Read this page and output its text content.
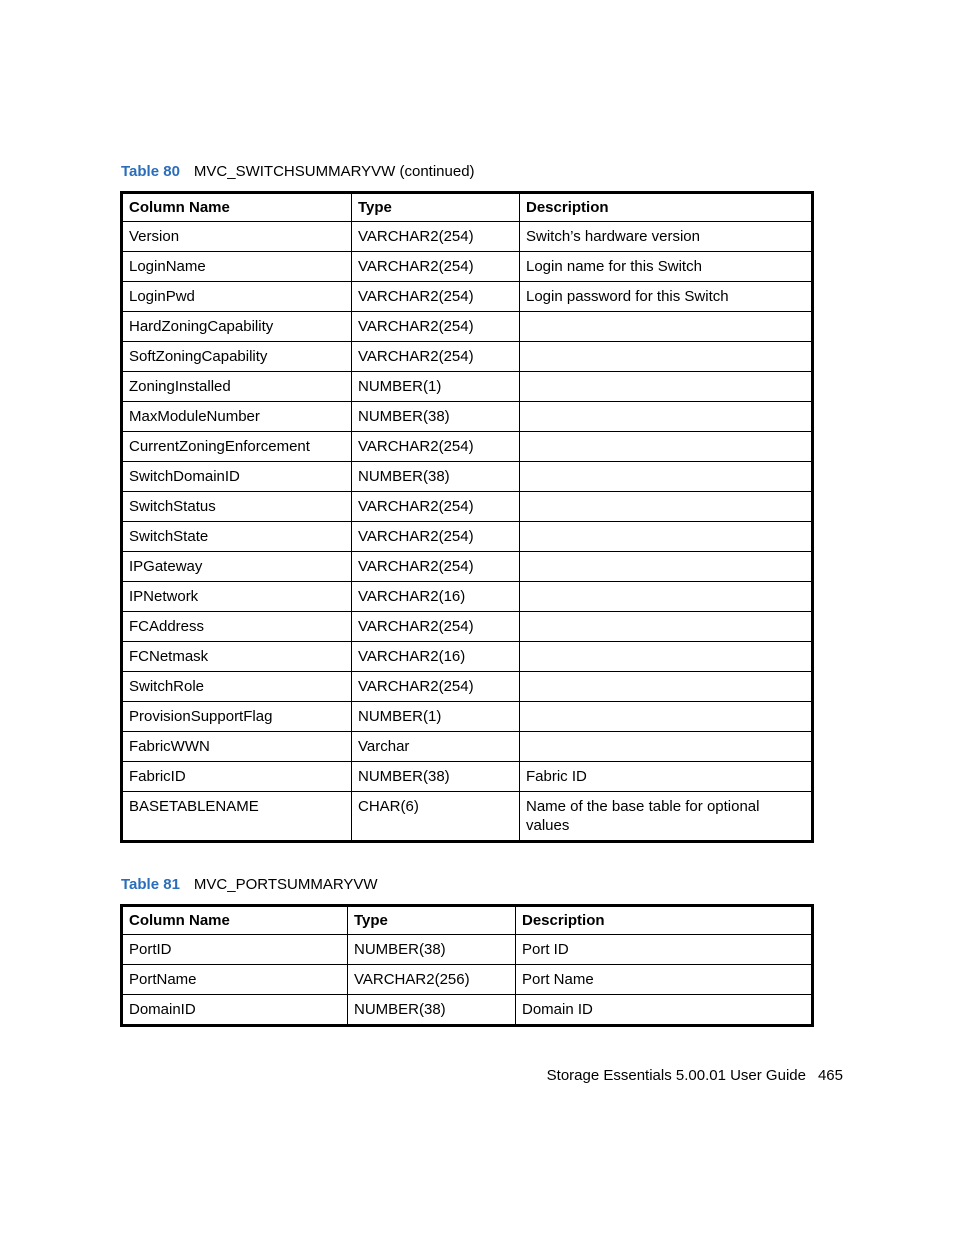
Table 80 MVC_SWITCHSUMMARYVW (continued)
Column Name	Type	Description
Version	VARCHAR2(254)	Switch’s hardware version
LoginName	VARCHAR2(254)	Login name for this Switch
LoginPwd	VARCHAR2(254)	Login password for this Switch
HardZoningCapability	VARCHAR2(254)	
SoftZoningCapability	VARCHAR2(254)	
ZoningInstalled	NUMBER(1)	
MaxModuleNumber	NUMBER(38)	
CurrentZoningEnforcement	VARCHAR2(254)	
SwitchDomainID	NUMBER(38)	
SwitchStatus	VARCHAR2(254)	
SwitchState	VARCHAR2(254)	
IPGateway	VARCHAR2(254)	
IPNetwork	VARCHAR2(16)	
FCAddress	VARCHAR2(254)	
FCNetmask	VARCHAR2(16)	
SwitchRole	VARCHAR2(254)	
ProvisionSupportFlag	NUMBER(1)	
FabricWWN	Varchar	
FabricID	NUMBER(38)	Fabric ID
BASETABLENAME	CHAR(6)	Name of the base table for optional values
Table 81 MVC_PORTSUMMARYVW
Column Name	Type	Description
PortID	NUMBER(38)	Port ID
PortName	VARCHAR2(256)	Port Name
DomainID	NUMBER(38)	Domain ID
Storage Essentials 5.00.01 User Guide 465
